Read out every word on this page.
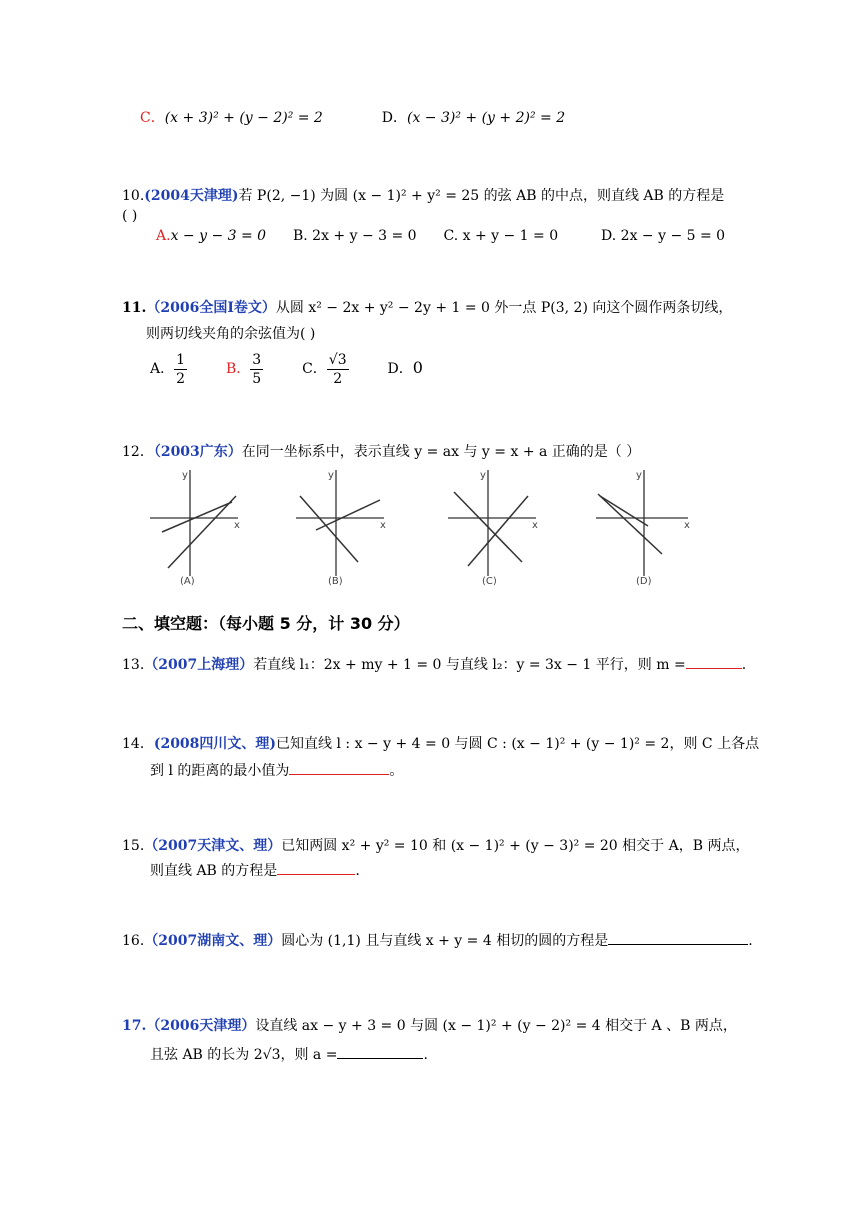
C．(x + 3)² + (y − 2)² = 2	D．(x − 3)² + (y + 2)² = 2
10.(2004天津理)若 P(2, −1) 为圆 (x − 1)² + y² = 25 的弦 AB 的中点，则直线 AB 的方程是
( )
A.x − y − 3 = 0 B. 2x + y − 3 = 0 C. x + y − 1 = 0	D. 2x − y − 5 = 0
11.（2006全国Ⅰ卷文）从圆 x² − 2x + y² − 2y + 1 = 0 外一点 P(3, 2) 向这个圆作两条切线，
则两切线夹角的余弦值为( )
A． $\frac{1}{2}$	B． $\frac{3}{5}$	C． $\frac{√3}{2}$	D．0
12．（2003广东）在同一坐标系中，表示直线 y = ax 与 y = x + a 正确的是（ ）
y
x
(A)
y
x
(B)
y
x
(C)
y
x
(D)
二、填空题：（每小题 5 分，计 30 分）
13.（2007上海理）若直线 l₁：2x + my + 1 = 0 与直线 l₂：y = 3x − 1 平行，则 m =	.
14．(2008四川文、理)已知直线 l : x − y + 4 = 0 与圆 C : (x − 1)² + (y − 1)² = 2，则 C 上各点
到 l 的距离的最小值为	。
15.（2007天津文、理）已知两圆 x² + y² = 10 和 (x − 1)² + (y − 3)² = 20 相交于 A，B 两点，
则直线 AB 的方程是	.
16.（2007湖南文、理）圆心为 (1,1) 且与直线 x + y = 4 相切的圆的方程是	.
17.（2006天津理）设直线 ax − y + 3 = 0 与圆 (x − 1)² + (y − 2)² = 4 相交于 A 、B 两点，
且弦 AB 的长为 2√3，则 a =	.
